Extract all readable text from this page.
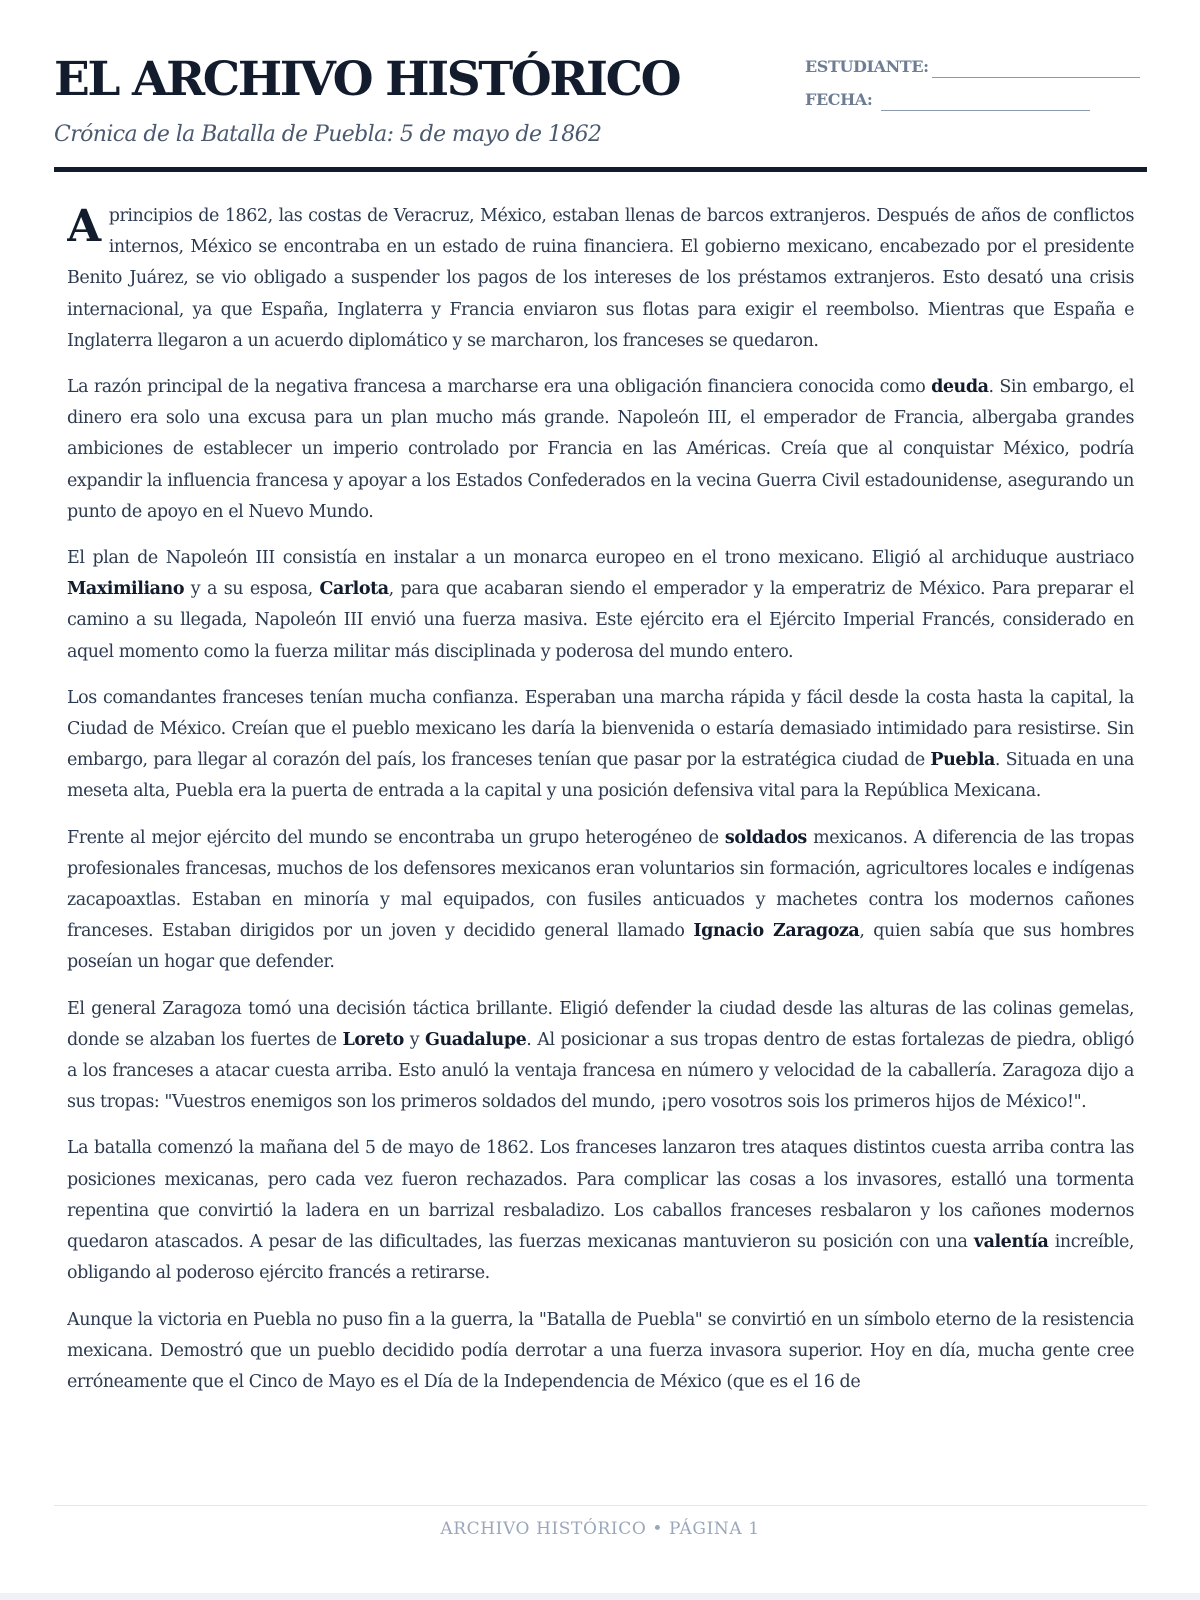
EL ARCHIVO HISTÓRICO
Crónica de la Batalla de Puebla: 5 de mayo de 1862
ESTUDIANTE:
FECHA:

Aprincipios de 1862, las costas de Veracruz, México, estaban llenas de barcos extranjeros. Después de años de conflictos internos, México se encontraba en un estado de ruina financiera. El gobierno mexicano, encabezado por el presidente Benito Juárez, se vio obligado a suspender los pagos de los intereses de los préstamos extranjeros. Esto desató una crisis internacional, ya que España, Inglaterra y Francia enviaron sus flotas para exigir el reembolso. Mientras que España e Inglaterra llegaron a un acuerdo diplomático y se marcharon, los franceses se quedaron.

La razón principal de la negativa francesa a marcharse era una obligación financiera conocida como deuda. Sin embargo, el dinero era solo una excusa para un plan mucho más grande. Napoleón III, el emperador de Francia, albergaba grandes ambiciones de establecer un imperio controlado por Francia en las Américas. Creía que al conquistar México, podría expandir la influencia francesa y apoyar a los Estados Confederados en la vecina Guerra Civil estadounidense, asegurando un punto de apoyo en el Nuevo Mundo.

El plan de Napoleón III consistía en instalar a un monarca europeo en el trono mexicano. Eligió al archiduque austriaco Maximiliano y a su esposa, Carlota, para que acabaran siendo el emperador y la emperatriz de México. Para preparar el camino a su llegada, Napoleón III envió una fuerza masiva. Este ejército era el Ejército Imperial Francés, considerado en aquel momento como la fuerza militar más disciplinada y poderosa del mundo entero.

Los comandantes franceses tenían mucha confianza. Esperaban una marcha rápida y fácil desde la costa hasta la capital, la Ciudad de México. Creían que el pueblo mexicano les daría la bienvenida o estaría demasiado intimidado para resistirse. Sin embargo, para llegar al corazón del país, los franceses tenían que pasar por la estratégica ciudad de Puebla. Situada en una meseta alta, Puebla era la puerta de entrada a la capital y una posición defensiva vital para la República Mexicana.

Frente al mejor ejército del mundo se encontraba un grupo heterogéneo de soldados mexicanos. A diferencia de las tropas profesionales francesas, muchos de los defensores mexicanos eran voluntarios sin formación, agricultores locales e indígenas zacapoaxtlas. Estaban en minoría y mal equipados, con fusiles anticuados y machetes contra los modernos cañones franceses. Estaban dirigidos por un joven y decidido general llamado Ignacio Zaragoza, quien sabía que sus hombres poseían un hogar que defender.

El general Zaragoza tomó una decisión táctica brillante. Eligió defender la ciudad desde las alturas de las colinas gemelas, donde se alzaban los fuertes de Loreto y Guadalupe. Al posicionar a sus tropas dentro de estas fortalezas de piedra, obligó a los franceses a atacar cuesta arriba. Esto anuló la ventaja francesa en número y velocidad de la caballería. Zaragoza dijo a sus tropas: "Vuestros enemigos son los primeros soldados del mundo, ¡pero vosotros sois los primeros hijos de México!".

La batalla comenzó la mañana del 5 de mayo de 1862. Los franceses lanzaron tres ataques distintos cuesta arriba contra las posiciones mexicanas, pero cada vez fueron rechazados. Para complicar las cosas a los invasores, estalló una tormenta repentina que convirtió la ladera en un barrizal resbaladizo. Los caballos franceses resbalaron y los cañones modernos quedaron atascados. A pesar de las dificultades, las fuerzas mexicanas mantuvieron su posición con una valentía increíble, obligando al poderoso ejército francés a retirarse.

Aunque la victoria en Puebla no puso fin a la guerra, la "Batalla de Puebla" se convirtió en un símbolo eterno de la resistencia mexicana. Demostró que un pueblo decidido podía derrotar a una fuerza invasora superior. Hoy en día, mucha gente cree erróneamente que el Cinco de Mayo es el Día de la Independencia de México (que es el 16 de

ARCHIVO HISTÓRICO • PÁGINA 1
